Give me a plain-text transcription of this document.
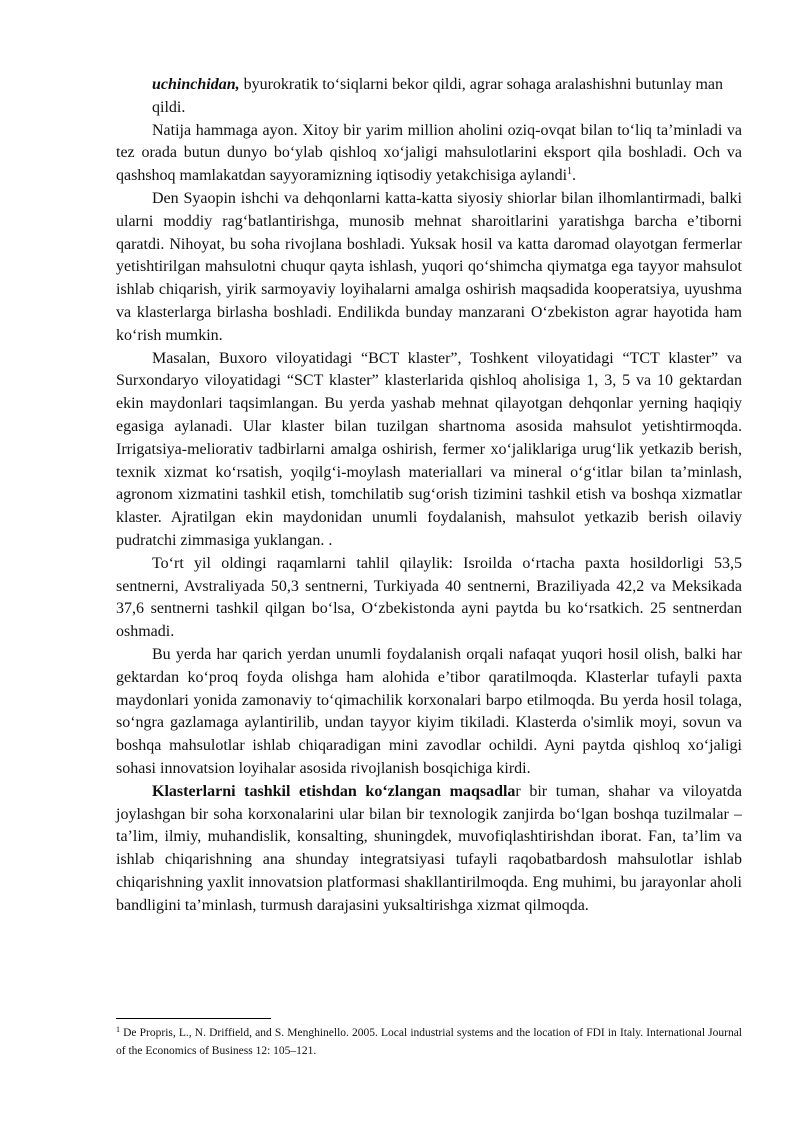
uchinchidan, byurokratik to‘siqlarni bekor qildi, agrar sohaga aralashishni butunlay man qildi.

Natija hammaga ayon. Xitoy bir yarim million aholini oziq-ovqat bilan to‘liq ta’minladi va tez orada butun dunyo bo‘ylab qishloq xo‘jaligi mahsulotlarini eksport qila boshladi. Och va qashshoq mamlakatdan sayyoramizning iqtisodiy yetakchisiga aylandi$^1$.

Den Syaopin ishchi va dehqonlarni katta-katta siyosiy shiorlar bilan ilhomlantirmadi, balki ularni moddiy rag‘batlantirishga, munosib mehnat sharoitlarini yaratishga barcha e’tiborni qaratdi. Nihoyat, bu soha rivojlana boshladi. Yuksak hosil va katta daromad olayotgan fermerlar yetishtirilgan mahsulotni chuqur qayta ishlash, yuqori qo‘shimcha qiymatga ega tayyor mahsulot ishlab chiqarish, yirik sarmoyaviy loyihalarni amalga oshirish maqsadida kooperatsiya, uyushma va klasterlarga birlasha boshladi. Endilikda bunday manzarani O‘zbekiston agrar hayotida ham ko‘rish mumkin.

Masalan, Buxoro viloyatidagi “BCT klaster”, Toshkent viloyatidagi “TCT klaster” va Surxondaryo viloyatidagi “SCT klaster” klasterlarida qishloq aholisiga 1, 3, 5 va 10 gektardan ekin maydonlari taqsimlangan. Bu yerda yashab mehnat qilayotgan dehqonlar yerning haqiqiy egasiga aylanadi. Ular klaster bilan tuzilgan shartnoma asosida mahsulot yetishtirmoqda. Irrigatsiya-meliorativ tadbirlarni amalga oshirish, fermer xo‘jaliklariga urug‘lik yetkazib berish, texnik xizmat ko‘rsatish, yoqilg‘i-moylash materiallari va mineral o‘g‘itlar bilan ta’minlash, agronom xizmatini tashkil etish, tomchilatib sug‘orish tizimini tashkil etish va boshqa xizmatlar klaster. Ajratilgan ekin maydonidan unumli foydalanish, mahsulot yetkazib berish oilaviy pudratchi zimmasiga yuklangan. .

To‘rt yil oldingi raqamlarni tahlil qilaylik: Isroilda o‘rtacha paxta hosildorligi 53,5 sentnerni, Avstraliyada 50,3 sentnerni, Turkiyada 40 sentnerni, Braziliyada 42,2 va Meksikada 37,6 sentnerni tashkil qilgan bo‘lsa, O‘zbekistonda ayni paytda bu ko‘rsatkich. 25 sentnerdan oshmadi.

Bu yerda har qarich yerdan unumli foydalanish orqali nafaqat yuqori hosil olish, balki har gektardan ko‘proq foyda olishga ham alohida e’tibor qaratilmoqda. Klasterlar tufayli paxta maydonlari yonida zamonaviy to‘qimachilik korxonalari barpo etilmoqda. Bu yerda hosil tolaga, so‘ngra gazlamaga aylantirilib, undan tayyor kiyim tikiladi. Klasterda o'simlik moyi, sovun va boshqa mahsulotlar ishlab chiqaradigan mini zavodlar ochildi. Ayni paytda qishloq xo‘jaligi sohasi innovatsion loyihalar asosida rivojlanish bosqichiga kirdi.

Klasterlarni tashkil etishdan ko‘zlangan maqsadlar bir tuman, shahar va viloyatda joylashgan bir soha korxonalarini ular bilan bir texnologik zanjirda bo‘lgan boshqa tuzilmalar – ta’lim, ilmiy, muhandislik, konsalting, shuningdek, muvofiqlashtirishdan iborat. Fan, ta’lim va ishlab chiqarishning ana shunday integratsiyasi tufayli raqobatbardosh mahsulotlar ishlab chiqarishning yaxlit innovatsion platformasi shakllantirilmoqda. Eng muhimi, bu jarayonlar aholi bandligini ta’minlash, turmush darajasini yuksaltirishga xizmat qilmoqda.

$^1$ De Propris, L., N. Driffield, and S. Menghinello. 2005. Local industrial systems and the location of FDI in Italy. International Journal of the Economics of Business 12: 105–121.
